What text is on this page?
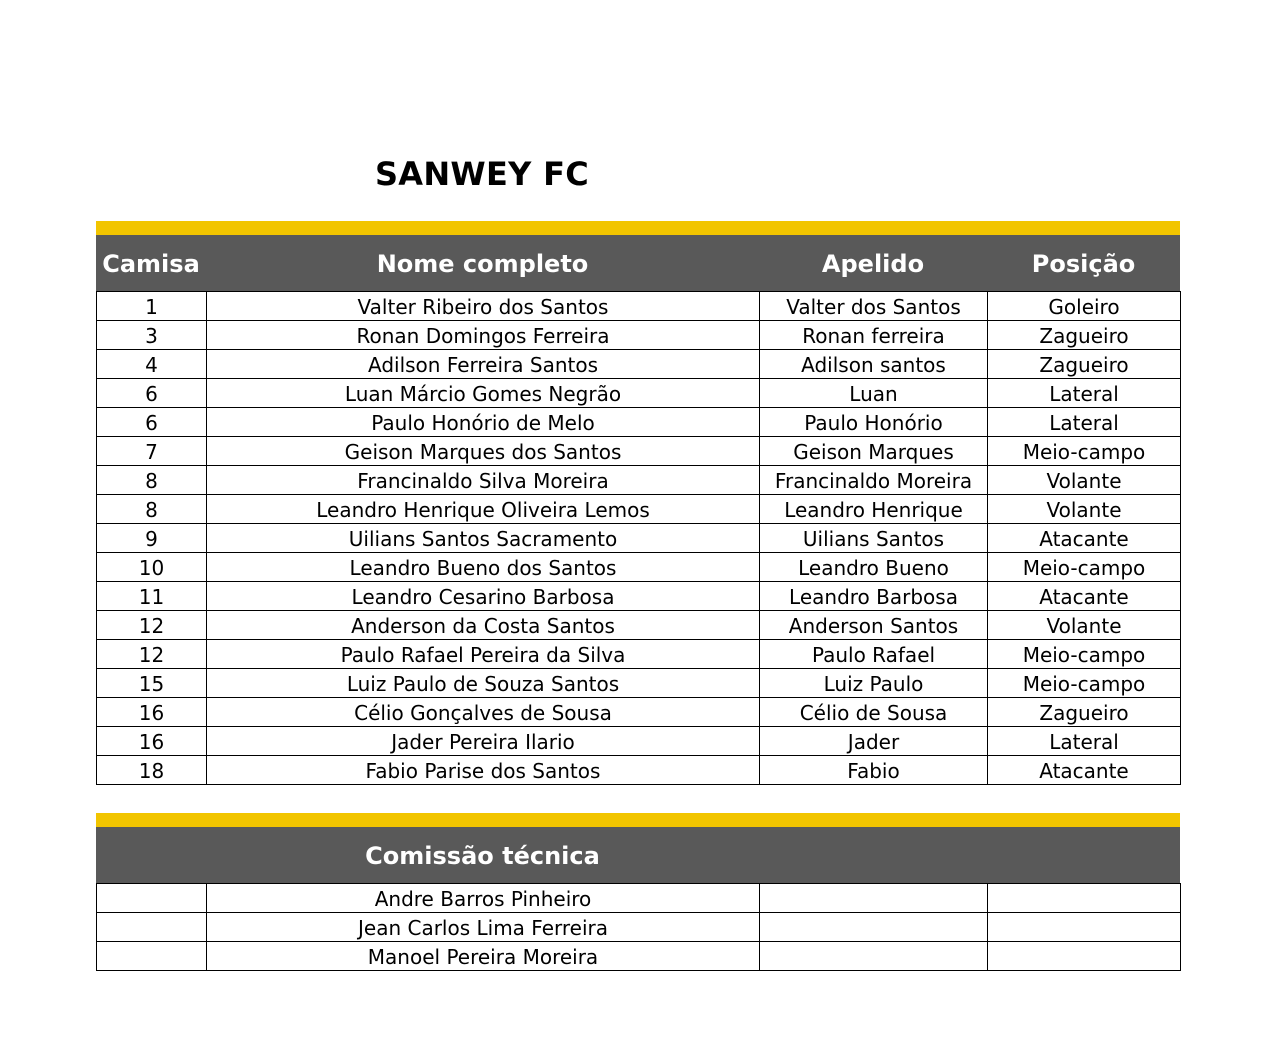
SANWEY FC
Camisa	Nome completo	Apelido	Posição
1	Valter Ribeiro dos Santos	Valter dos Santos	Goleiro
3	Ronan Domingos Ferreira	Ronan ferreira	Zagueiro
4	Adilson Ferreira Santos	Adilson santos	Zagueiro
6	Luan Márcio Gomes Negrão	Luan	Lateral
6	Paulo Honório de Melo	Paulo Honório	Lateral
7	Geison Marques dos Santos	Geison Marques	Meio-campo
8	Francinaldo Silva Moreira	Francinaldo Moreira	Volante
8	Leandro Henrique Oliveira Lemos	Leandro Henrique	Volante
9	Uilians Santos Sacramento	Uilians Santos	Atacante
10	Leandro Bueno dos Santos	Leandro Bueno	Meio-campo
11	Leandro Cesarino Barbosa	Leandro Barbosa	Atacante
12	Anderson da Costa Santos	Anderson Santos	Volante
12	Paulo Rafael Pereira da Silva	Paulo Rafael	Meio-campo
15	Luiz Paulo de Souza Santos	Luiz Paulo	Meio-campo
16	Célio Gonçalves de Sousa	Célio de Sousa	Zagueiro
16	Jader Pereira Ilario	Jader	Lateral
18	Fabio Parise dos Santos	Fabio	Atacante
Comissão técnica
	Andre Barros Pinheiro		
	Jean Carlos Lima Ferreira		
	Manoel Pereira Moreira		
